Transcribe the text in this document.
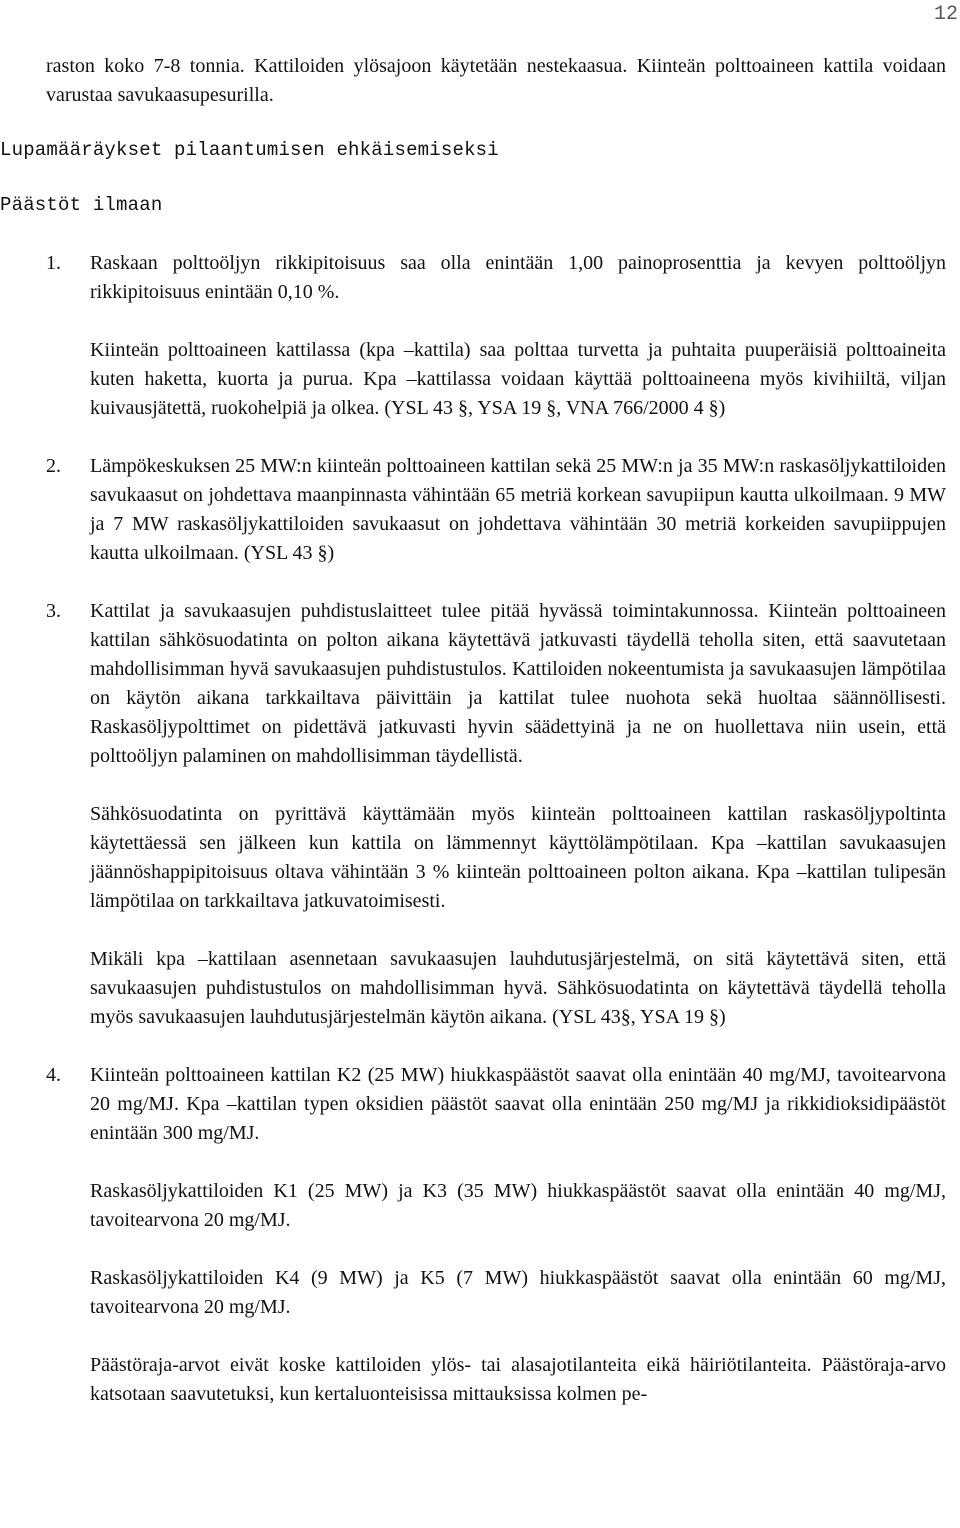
12

raston koko 7-8 tonnia. Kattiloiden ylösajoon käytetään nestekaasua. Kiinteän polttoaineen kattila voidaan varustaa savukaasupesurilla.

Lupamääräykset pilaantumisen ehkäisemiseksi
Päästöt ilmaan
1. Raskaan polttoöljyn rikkipitoisuus saa olla enintään 1,00 painoprosenttia ja kevyen polttoöljyn rikkipitoisuus enintään 0,10 %.

Kiinteän polttoaineen kattilassa (kpa –kattila) saa polttaa turvetta ja puhtaita puuperäisiä polttoaineita kuten haketta, kuorta ja purua. Kpa –kattilassa voidaan käyttää polttoaineena myös kivihiiltä, viljan kuivausjätettä, ruokohelpiä ja olkea. (YSL 43 §, YSA 19 §, VNA 766/2000 4 §)

2. Lämpökeskuksen 25 MW:n kiinteän polttoaineen kattilan sekä 25 MW:n ja 35 MW:n raskasöljykattiloiden savukaasut on johdettava maanpinnasta vähintään 65 metriä korkean savupiipun kautta ulkoilmaan. 9 MW ja 7 MW raskasöljykattiloiden savukaasut on johdettava vähintään 30 metriä korkeiden savupiippujen kautta ulkoilmaan. (YSL 43 §)

3. Kattilat ja savukaasujen puhdistuslaitteet tulee pitää hyvässä toimintakunnossa. Kiinteän polttoaineen kattilan sähkösuodatinta on polton aikana käytettävä jatkuvasti täydellä teholla siten, että saavutetaan mahdollisimman hyvä savukaasujen puhdistustulos. Kattiloiden nokeentumista ja savukaasujen lämpötilaa on käytön aikana tarkkailtava päivittäin ja kattilat tulee nuohota sekä huoltaa säännöllisesti. Raskasöljypolttimet on pidettävä jatkuvasti hyvin säädettyinä ja ne on huollettava niin usein, että polttoöljyn palaminen on mahdollisimman täydellistä.

Sähkösuodatinta on pyrittävä käyttämään myös kiinteän polttoaineen kattilan raskasöljypoltinta käytettäessä sen jälkeen kun kattila on lämmennyt käyttölämpötilaan. Kpa –kattilan savukaasujen jäännöshappipitoisuus oltava vähintään 3 % kiinteän polttoaineen polton aikana. Kpa –kattilan tulipesän lämpötilaa on tarkkailtava jatkuvatoimisesti.

Mikäli kpa –kattilaan asennetaan savukaasujen lauhdutusjärjestelmä, on sitä käytettävä siten, että savukaasujen puhdistustulos on mahdollisimman hyvä. Sähkösuodatinta on käytettävä täydellä teholla myös savukaasujen lauhdutusjärjestelmän käytön aikana. (YSL 43§, YSA 19 §)

4. Kiinteän polttoaineen kattilan K2 (25 MW) hiukkaspäästöt saavat olla enintään 40 mg/MJ, tavoitearvona 20 mg/MJ. Kpa –kattilan typen oksidien päästöt saavat olla enintään 250 mg/MJ ja rikkidioksidipäästöt enintään 300 mg/MJ.

Raskasöljykattiloiden K1 (25 MW) ja K3 (35 MW) hiukkaspäästöt saavat olla enintään 40 mg/MJ, tavoitearvona 20 mg/MJ.

Raskasöljykattiloiden K4 (9 MW) ja K5 (7 MW) hiukkaspäästöt saavat olla enintään 60 mg/MJ, tavoitearvona 20 mg/MJ.

Päästöraja-arvot eivät koske kattiloiden ylös- tai alasajotilanteita eikä häiriötilanteita. Päästöraja-arvo katsotaan saavutetuksi, kun kertaluonteisissa mittauksissa kolmen pe-
